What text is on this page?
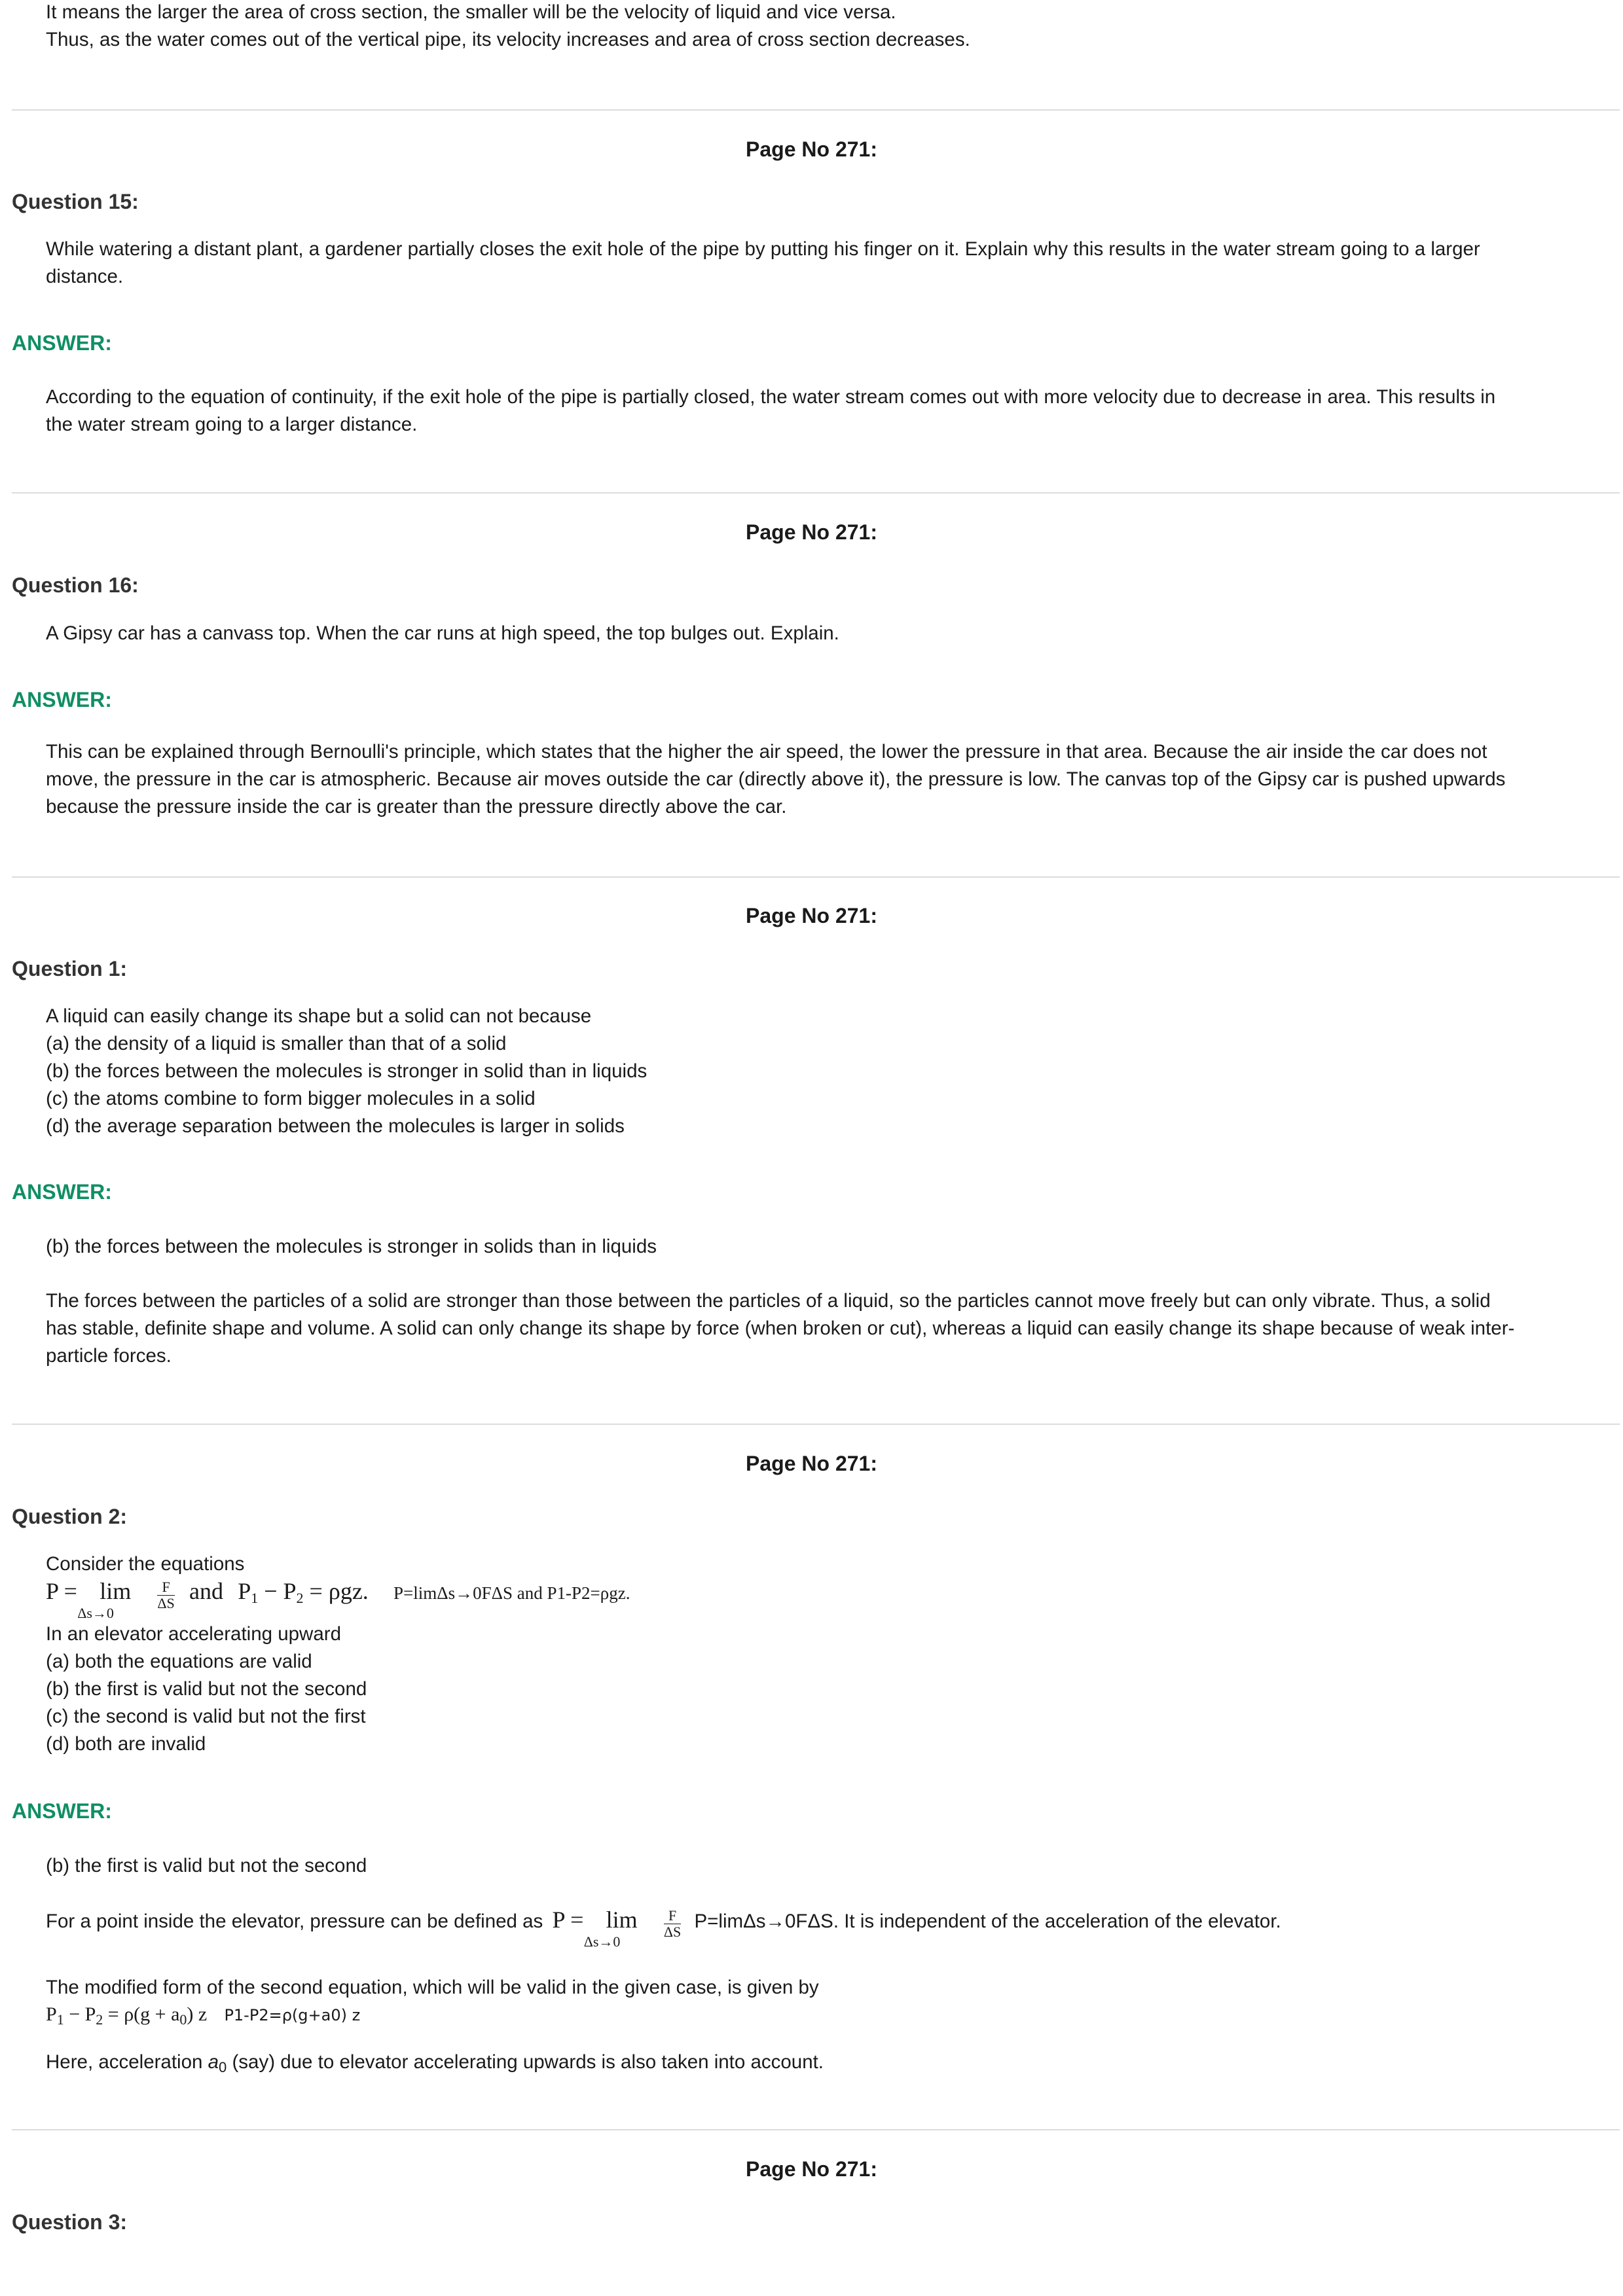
It means the larger the area of cross section, the smaller will be the velocity of liquid and vice versa.
Thus, as the water comes out of the vertical pipe, its velocity increases and area of cross section decreases.
Page No 271:
Question 15:
While watering a distant plant, a gardener partially closes the exit hole of the pipe by putting his finger on it. Explain why this results in the water stream going to a larger
distance.
ANSWER:
According to the equation of continuity, if the exit hole of the pipe is partially closed, the water stream comes out with more velocity due to decrease in area. This results in
the water stream going to a larger distance.
Page No 271:
Question 16:
A Gipsy car has a canvass top. When the car runs at high speed, the top bulges out. Explain.
ANSWER:
This can be explained through Bernoulli's principle, which states that the higher the air speed, the lower the pressure in that area. Because the air inside the car does not
move, the pressure in the car is atmospheric. Because air moves outside the car (directly above it), the pressure is low. The canvas top of the Gipsy car is pushed upwards
because the pressure inside the car is greater than the pressure directly above the car.
Page No 271:
Question 1:
A liquid can easily change its shape but a solid can not because
(a) the density of a liquid is smaller than that of a solid
(b) the forces between the molecules is stronger in solid than in liquids
(c) the atoms combine to form bigger molecules in a solid
(d) the average separation between the molecules is larger in solids
ANSWER:
(b) the forces between the molecules is stronger in solids than in liquids
The forces between the particles of a solid are stronger than those between the particles of a liquid, so the particles cannot move freely but can only vibrate. Thus, a solid
has stable, definite shape and volume. A solid can only change its shape by force (when broken or cut), whereas a liquid can easily change its shape because of weak inter-
particle forces.
Page No 271:
Question 2:
Consider the equations
P = lim
Δs→0

$\frac{F}{\Delta S}$ and $P_1 - P_2 = \rho gz$. P=limΔs→0FΔS and P1-P2=ρgz.
In an elevator accelerating upward
(a) both the equations are valid
(b) the first is valid but not the second
(c) the second is valid but not the first
(d) both are invalid
ANSWER:
(b) the first is valid but not the second
For a point inside the elevator, pressure can be defined as P = lim
Δs→0

$\frac{F}{\Delta S} P=\lim\Delta s\to 0F\Delta S$. It is independent of the acceleration of the elevator.
The modified form of the second equation, which will be valid in the given case, is given by
$P_1 - P_2 = \rho(g + a_0)$ z P1-P2=ρ(g+a0) z
Here, acceleration $a_0$ (say) due to elevator accelerating upwards is also taken into account.
Page No 271:
Question 3:
